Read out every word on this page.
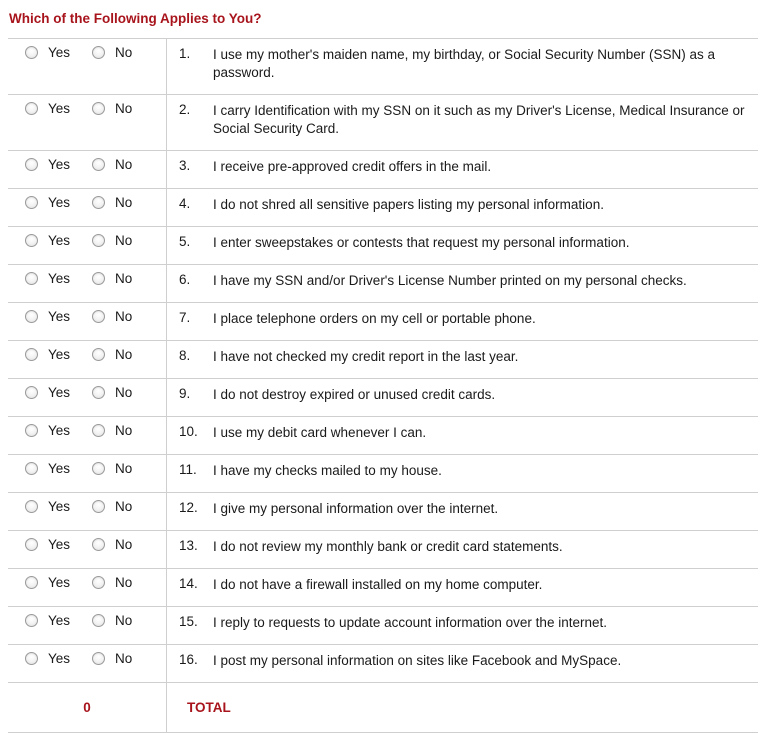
Which of the Following Applies to You?
Yes No	1.	I use my mother's maiden name, my birthday, or Social Security Number (SSN) as a password.

Yes No	2.	I carry Identification with my SSN on it such as my Driver's License, Medical Insurance or Social Security Card.

Yes No	3.	I receive pre-approved credit offers in the mail.

Yes No	4.	I do not shred all sensitive papers listing my personal information.

Yes No	5.	I enter sweepstakes or contests that request my personal information.

Yes No	6.	I have my SSN and/or Driver's License Number printed on my personal checks.

Yes No	7.	I place telephone orders on my cell or portable phone.

Yes No	8.	I have not checked my credit report in the last year.

Yes No	9.	I do not destroy expired or unused credit cards.

Yes No	10.	I use my debit card whenever I can.

Yes No	11.	I have my checks mailed to my house.

Yes No	12.	I give my personal information over the internet.

Yes No	13.	I do not review my monthly bank or credit card statements.

Yes No	14.	I do not have a firewall installed on my home computer.

Yes No	15.	I reply to requests to update account information over the internet.

Yes No	16.	I post my personal information on sites like Facebook and MySpace.
0	TOTAL	
